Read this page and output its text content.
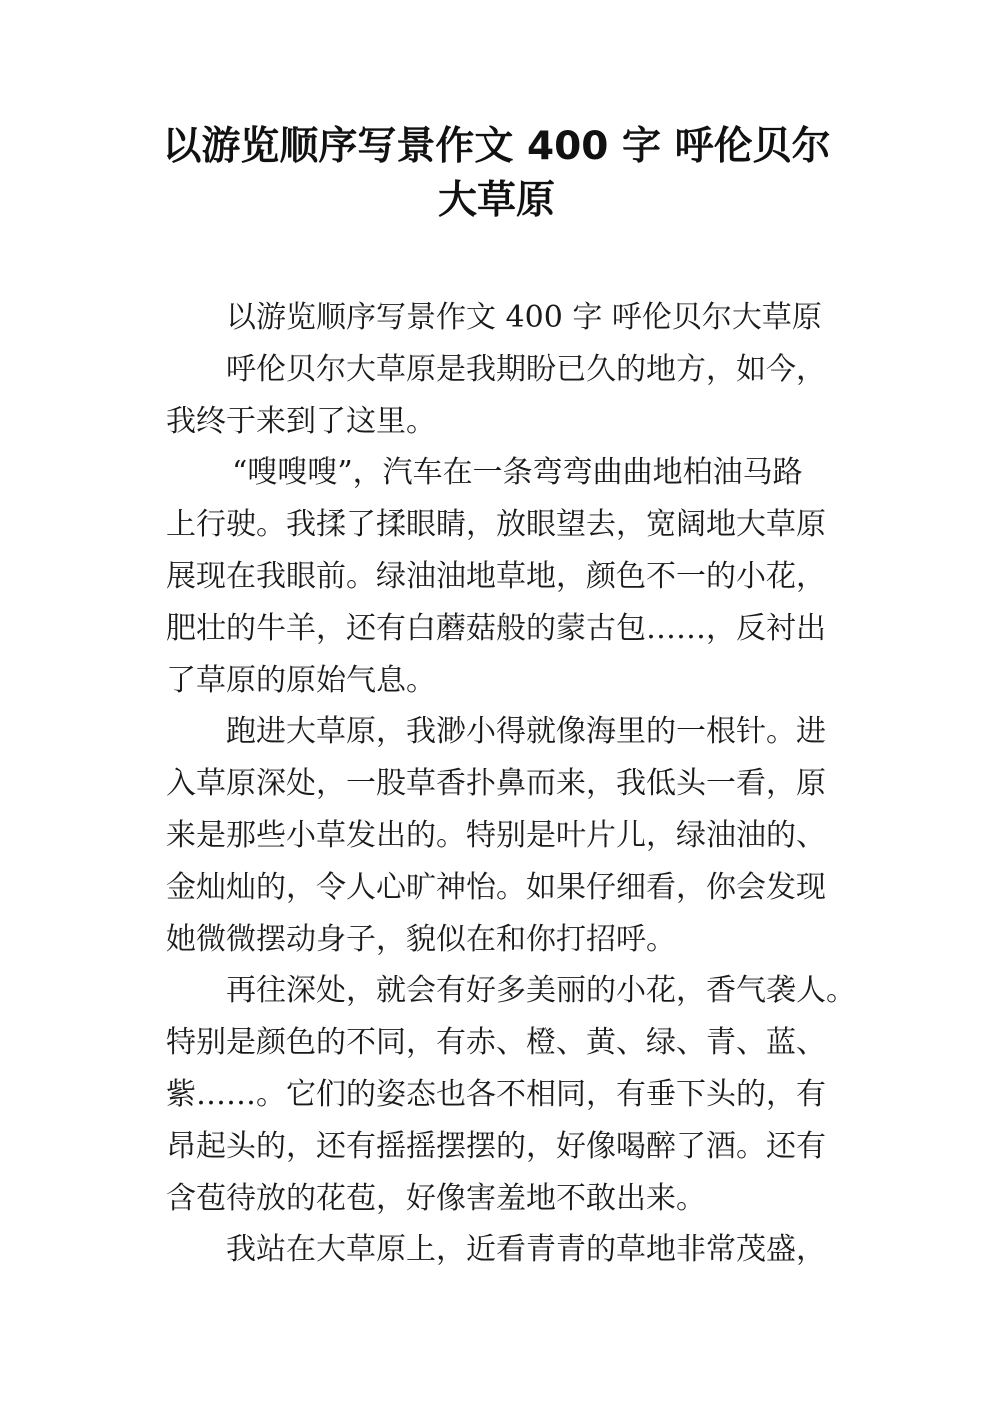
以游览顺序写景作文 400 字 呼伦贝尔
大草原
以游览顺序写景作文 400 字 呼伦贝尔大草原
呼伦贝尔大草原是我期盼已久的地方，如今，
我终于来到了这里。
“嗖嗖嗖”，汽车在一条弯弯曲曲地柏油马路
上行驶。我揉了揉眼睛，放眼望去，宽阔地大草原
展现在我眼前。绿油油地草地，颜色不一的小花，
肥壮的牛羊，还有白蘑菇般的蒙古包……，反衬出
了草原的原始气息。
跑进大草原，我渺小得就像海里的一根针。进
入草原深处，一股草香扑鼻而来，我低头一看，原
来是那些小草发出的。特别是叶片儿，绿油油的、
金灿灿的，令人心旷神怡。如果仔细看，你会发现
她微微摆动身子，貌似在和你打招呼。
再往深处，就会有好多美丽的小花，香气袭人。
特别是颜色的不同，有赤、橙、黄、绿、青、蓝、
紫……。它们的姿态也各不相同，有垂下头的，有
昂起头的，还有摇摇摆摆的，好像喝醉了酒。还有
含苞待放的花苞，好像害羞地不敢出来。
我站在大草原上，近看青青的草地非常茂盛，
